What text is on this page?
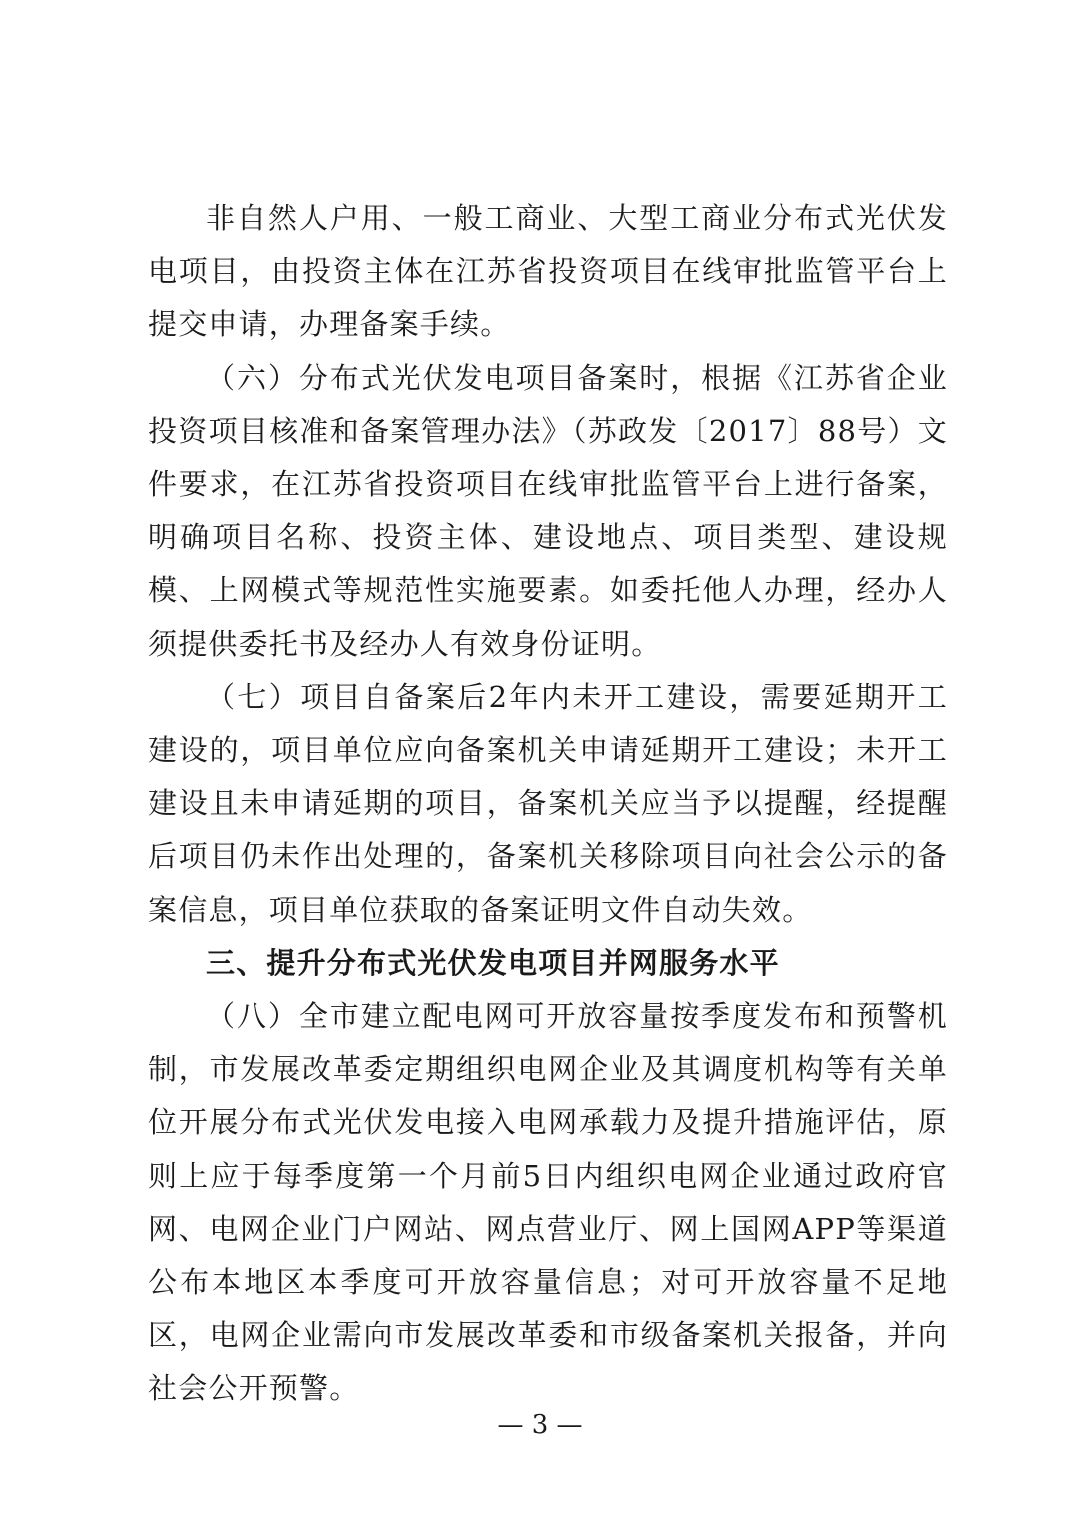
非自然人户用、一般工商业、大型工商业分布式光伏发电项目，由投资主体在江苏省投资项目在线审批监管平台上提交申请，办理备案手续。

（六）分布式光伏发电项目备案时，根据《江苏省企业投资项目核准和备案管理办法》（苏政发〔2017〕88号）文件要求，在江苏省投资项目在线审批监管平台上进行备案，明确项目名称、投资主体、建设地点、项目类型、建设规模、上网模式等规范性实施要素。如委托他人办理，经办人须提供委托书及经办人有效身份证明。

（七）项目自备案后2年内未开工建设，需要延期开工建设的，项目单位应向备案机关申请延期开工建设；未开工建设且未申请延期的项目，备案机关应当予以提醒，经提醒后项目仍未作出处理的，备案机关移除项目向社会公示的备案信息，项目单位获取的备案证明文件自动失效。

三、提升分布式光伏发电项目并网服务水平

（八）全市建立配电网可开放容量按季度发布和预警机制，市发展改革委定期组织电网企业及其调度机构等有关单位开展分布式光伏发电接入电网承载力及提升措施评估，原则上应于每季度第一个月前5日内组织电网企业通过政府官网、电网企业门户网站、网点营业厅、网上国网APP等渠道公布本地区本季度可开放容量信息；对可开放容量不足地区，电网企业需向市发展改革委和市级备案机关报备，并向社会公开预警。

— 3 —
